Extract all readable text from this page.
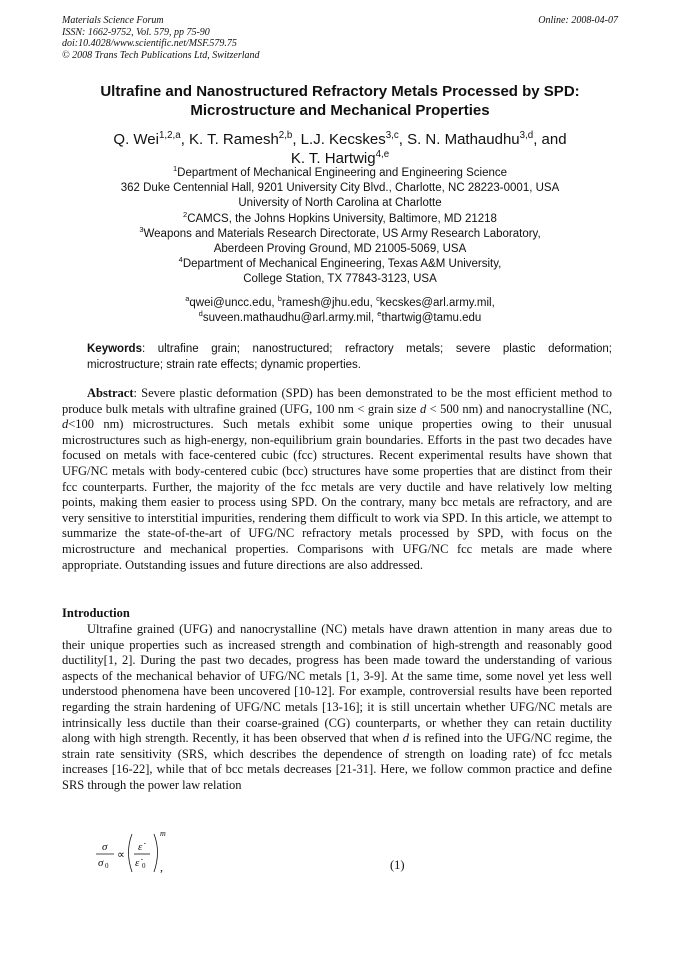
Materials Science Forum
ISSN: 1662-9752, Vol. 579, pp 75-90
doi:10.4028/www.scientific.net/MSF.579.75
© 2008 Trans Tech Publications Ltd, Switzerland
Online: 2008-04-07
Ultrafine and Nanostructured Refractory Metals Processed by SPD:
Microstructure and Mechanical Properties
Q. Wei$^{1,2,a}$, K. T. Ramesh$^{2,b}$, L.J. Kecskes$^{3,c}$, S. N. Mathaudhu$^{3,d}$, and
K. T. Hartwig$^{4,e}$
$^1$Department of Mechanical Engineering and Engineering Science
362 Duke Centennial Hall, 9201 University City Blvd., Charlotte, NC 28223-0001, USA
University of North Carolina at Charlotte
$^2$CAMCS, the Johns Hopkins University, Baltimore, MD 21218
$^3$Weapons and Materials Research Directorate, US Army Research Laboratory,
Aberdeen Proving Ground, MD 21005-5069, USA
$^4$Department of Mechanical Engineering, Texas A&M University,
College Station, TX 77843-3123, USA
$^a$qwei@uncc.edu, $^b$ramesh@jhu.edu, $^c$kecskes@arl.army.mil,
$^d$suveen.mathaudhu@arl.army.mil, $^e$thartwig@tamu.edu
Keywords: ultrafine grain; nanostructured; refractory metals; severe plastic deformation; microstructure; strain rate effects; dynamic properties.
Abstract: Severe plastic deformation (SPD) has been demonstrated to be the most efficient method to produce bulk metals with ultrafine grained (UFG, 100 nm < grain size d < 500 nm) and nanocrystalline (NC, d<100 nm) microstructures. Such metals exhibit some unique properties owing to their unusual microstructures such as high-energy, non-equilibrium grain boundaries. Efforts in the past two decades have focused on metals with face-centered cubic (fcc) structures. Recent experimental results have shown that UFG/NC metals with body-centered cubic (bcc) structures have some properties that are distinct from their fcc counterparts. Further, the majority of the fcc metals are very ductile and have relatively low melting points, making them easier to process using SPD. On the contrary, many bcc metals are refractory, and are very sensitive to interstitial impurities, rendering them difficult to work via SPD. In this article, we attempt to summarize the state-of-the-art of UFG/NC refractory metals processed by SPD, with focus on the microstructure and mechanical properties. Comparisons with UFG/NC fcc metals are made where appropriate. Outstanding issues and future directions are also addressed.
Introduction
Ultrafine grained (UFG) and nanocrystalline (NC) metals have drawn attention in many areas due to their unique properties such as increased strength and combination of high-strength and reasonably good ductility[1, 2]. During the past two decades, progress has been made toward the understanding of various aspects of the mechanical behavior of UFG/NC metals [1, 3-9]. At the same time, some novel yet less well understood phenomena have been uncovered [10-12]. For example, controversial results have been reported regarding the strain hardening of UFG/NC metals [13-16]; it is still uncertain whether UFG/NC metals are intrinsically less ductile than their coarse-grained (CG) counterparts, or whether they can retain ductility along with high strength. Recently, it has been observed that when d is refined into the UFG/NC regime, the strain rate sensitivity (SRS, which describes the dependence of strength on loading rate) of fcc metals increases [16-22], while that of bcc metals decreases [21-31]. Here, we follow common practice and define SRS through the power law relation
σ
σ 0
∝
ε̇
ε̇ 0
m
,	(1)
